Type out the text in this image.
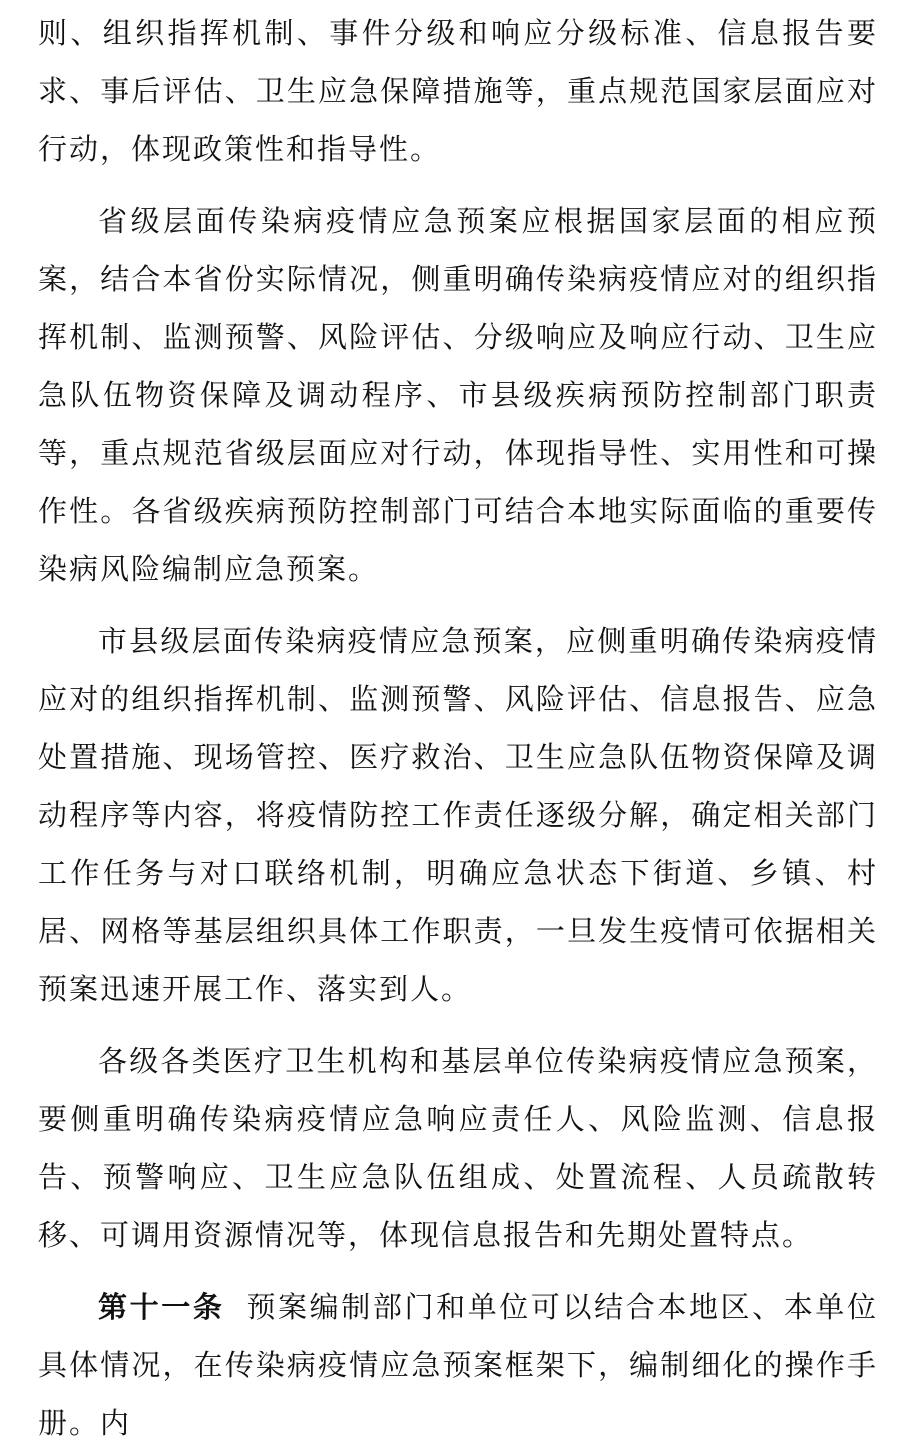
则、组织指挥机制、事件分级和响应分级标准、信息报告要求、事后评估、卫生应急保障措施等，重点规范国家层面应对行动，体现政策性和指导性。

省级层面传染病疫情应急预案应根据国家层面的相应预案，结合本省份实际情况，侧重明确传染病疫情应对的组织指挥机制、监测预警、风险评估、分级响应及响应行动、卫生应急队伍物资保障及调动程序、市县级疾病预防控制部门职责等，重点规范省级层面应对行动，体现指导性、实用性和可操作性。各省级疾病预防控制部门可结合本地实际面临的重要传染病风险编制应急预案。

市县级层面传染病疫情应急预案，应侧重明确传染病疫情应对的组织指挥机制、监测预警、风险评估、信息报告、应急处置措施、现场管控、医疗救治、卫生应急队伍物资保障及调动程序等内容，将疫情防控工作责任逐级分解，确定相关部门工作任务与对口联络机制，明确应急状态下街道、乡镇、村居、网格等基层组织具体工作职责，一旦发生疫情可依据相关预案迅速开展工作、落实到人。

各级各类医疗卫生机构和基层单位传染病疫情应急预案，要侧重明确传染病疫情应急响应责任人、风险监测、信息报告、预警响应、卫生应急队伍组成、处置流程、人员疏散转移、可调用资源情况等，体现信息报告和先期处置特点。

第十一条 预案编制部门和单位可以结合本地区、本单位具体情况，在传染病疫情应急预案框架下，编制细化的操作手册。内
